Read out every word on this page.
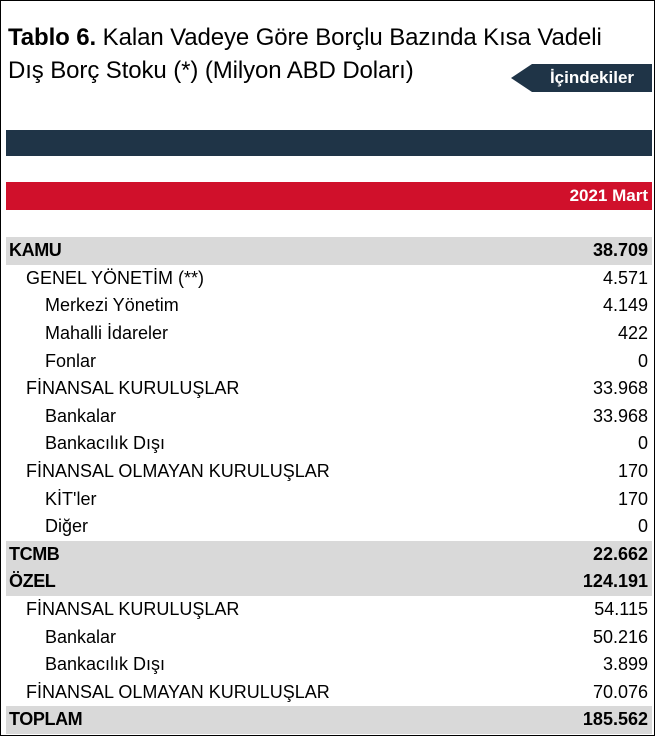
Tablo 6. Kalan Vadeye Göre Borçlu Bazında Kısa Vadeli
Dış Borç Stoku (*) (Milyon ABD Doları)	İçindekiler
2021 Mart
KAMU	38.709
GENEL YÖNETİM (**)	4.571
Merkezi Yönetim	4.149
Mahalli İdareler	422
Fonlar	0
FİNANSAL KURULUŞLAR	33.968
Bankalar	33.968
Bankacılık Dışı	0
FİNANSAL OLMAYAN KURULUŞLAR	170
KİT'ler	170
Diğer	0
TCMB	22.662
ÖZEL	124.191
FİNANSAL KURULUŞLAR	54.115
Bankalar	50.216
Bankacılık Dışı	3.899
FİNANSAL OLMAYAN KURULUŞLAR	70.076
TOPLAM	185.562
